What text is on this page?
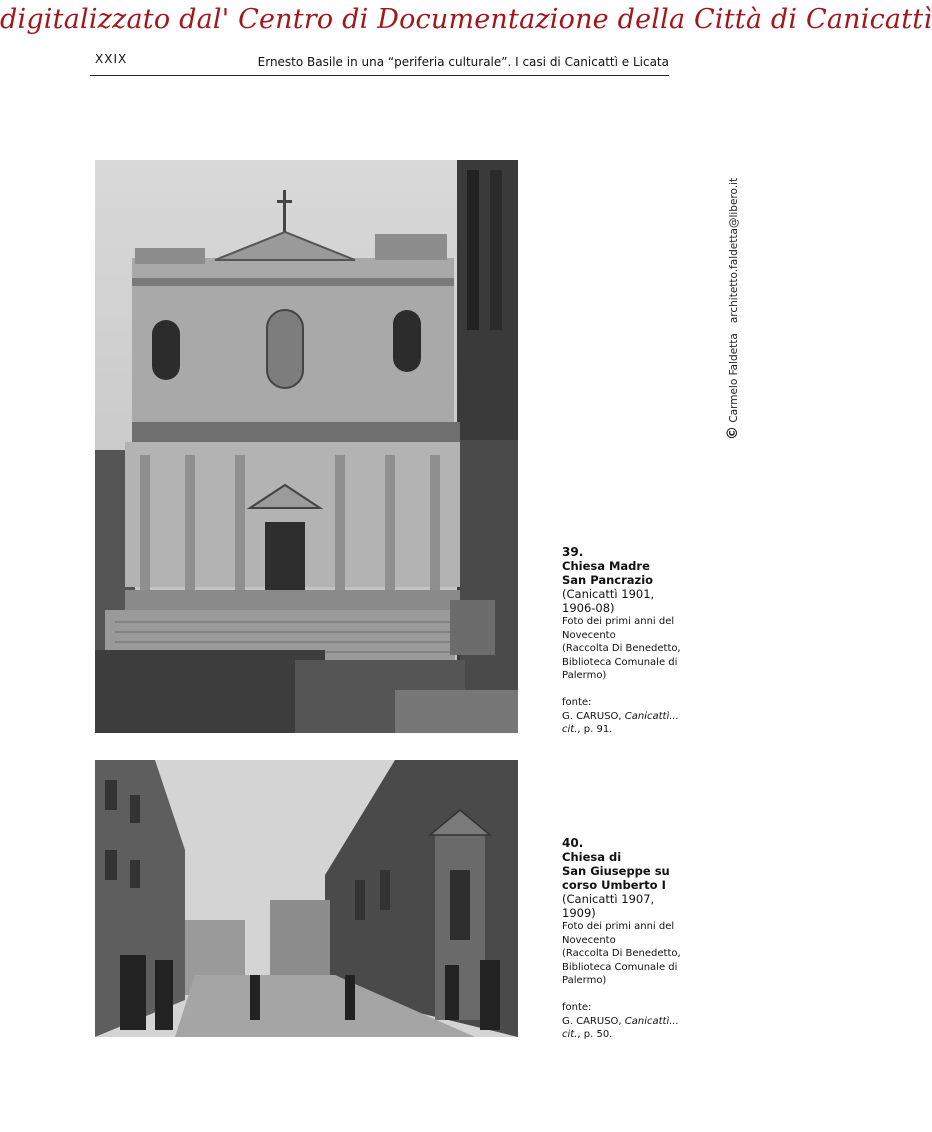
digitalizzato dal' Centro di Documentazione della Città di Canicattì
XXIX	Ernesto Basile in una “periferia culturale”. I casi di Canicattì e Licata
39.
Chiesa Madre
San Pancrazio
(Canicattì 1901,
1906-08)
Foto dei primi anni del
Novecento
(Raccolta Di Benedetto,
Biblioteca Comunale di
Palermo)
fonte:
G. CARUSO, Canicattì...
cit., p. 91.
40.
Chiesa di
San Giuseppe su
corso Umberto I
(Canicattì 1907,
1909)
Foto dei primi anni del
Novecento
(Raccolta Di Benedetto,
Biblioteca Comunale di
Palermo)
fonte:
G. CARUSO, Canicattì...
cit., p. 50.
© Carmelo Faldettaarchitetto.faldetta@libero.it
